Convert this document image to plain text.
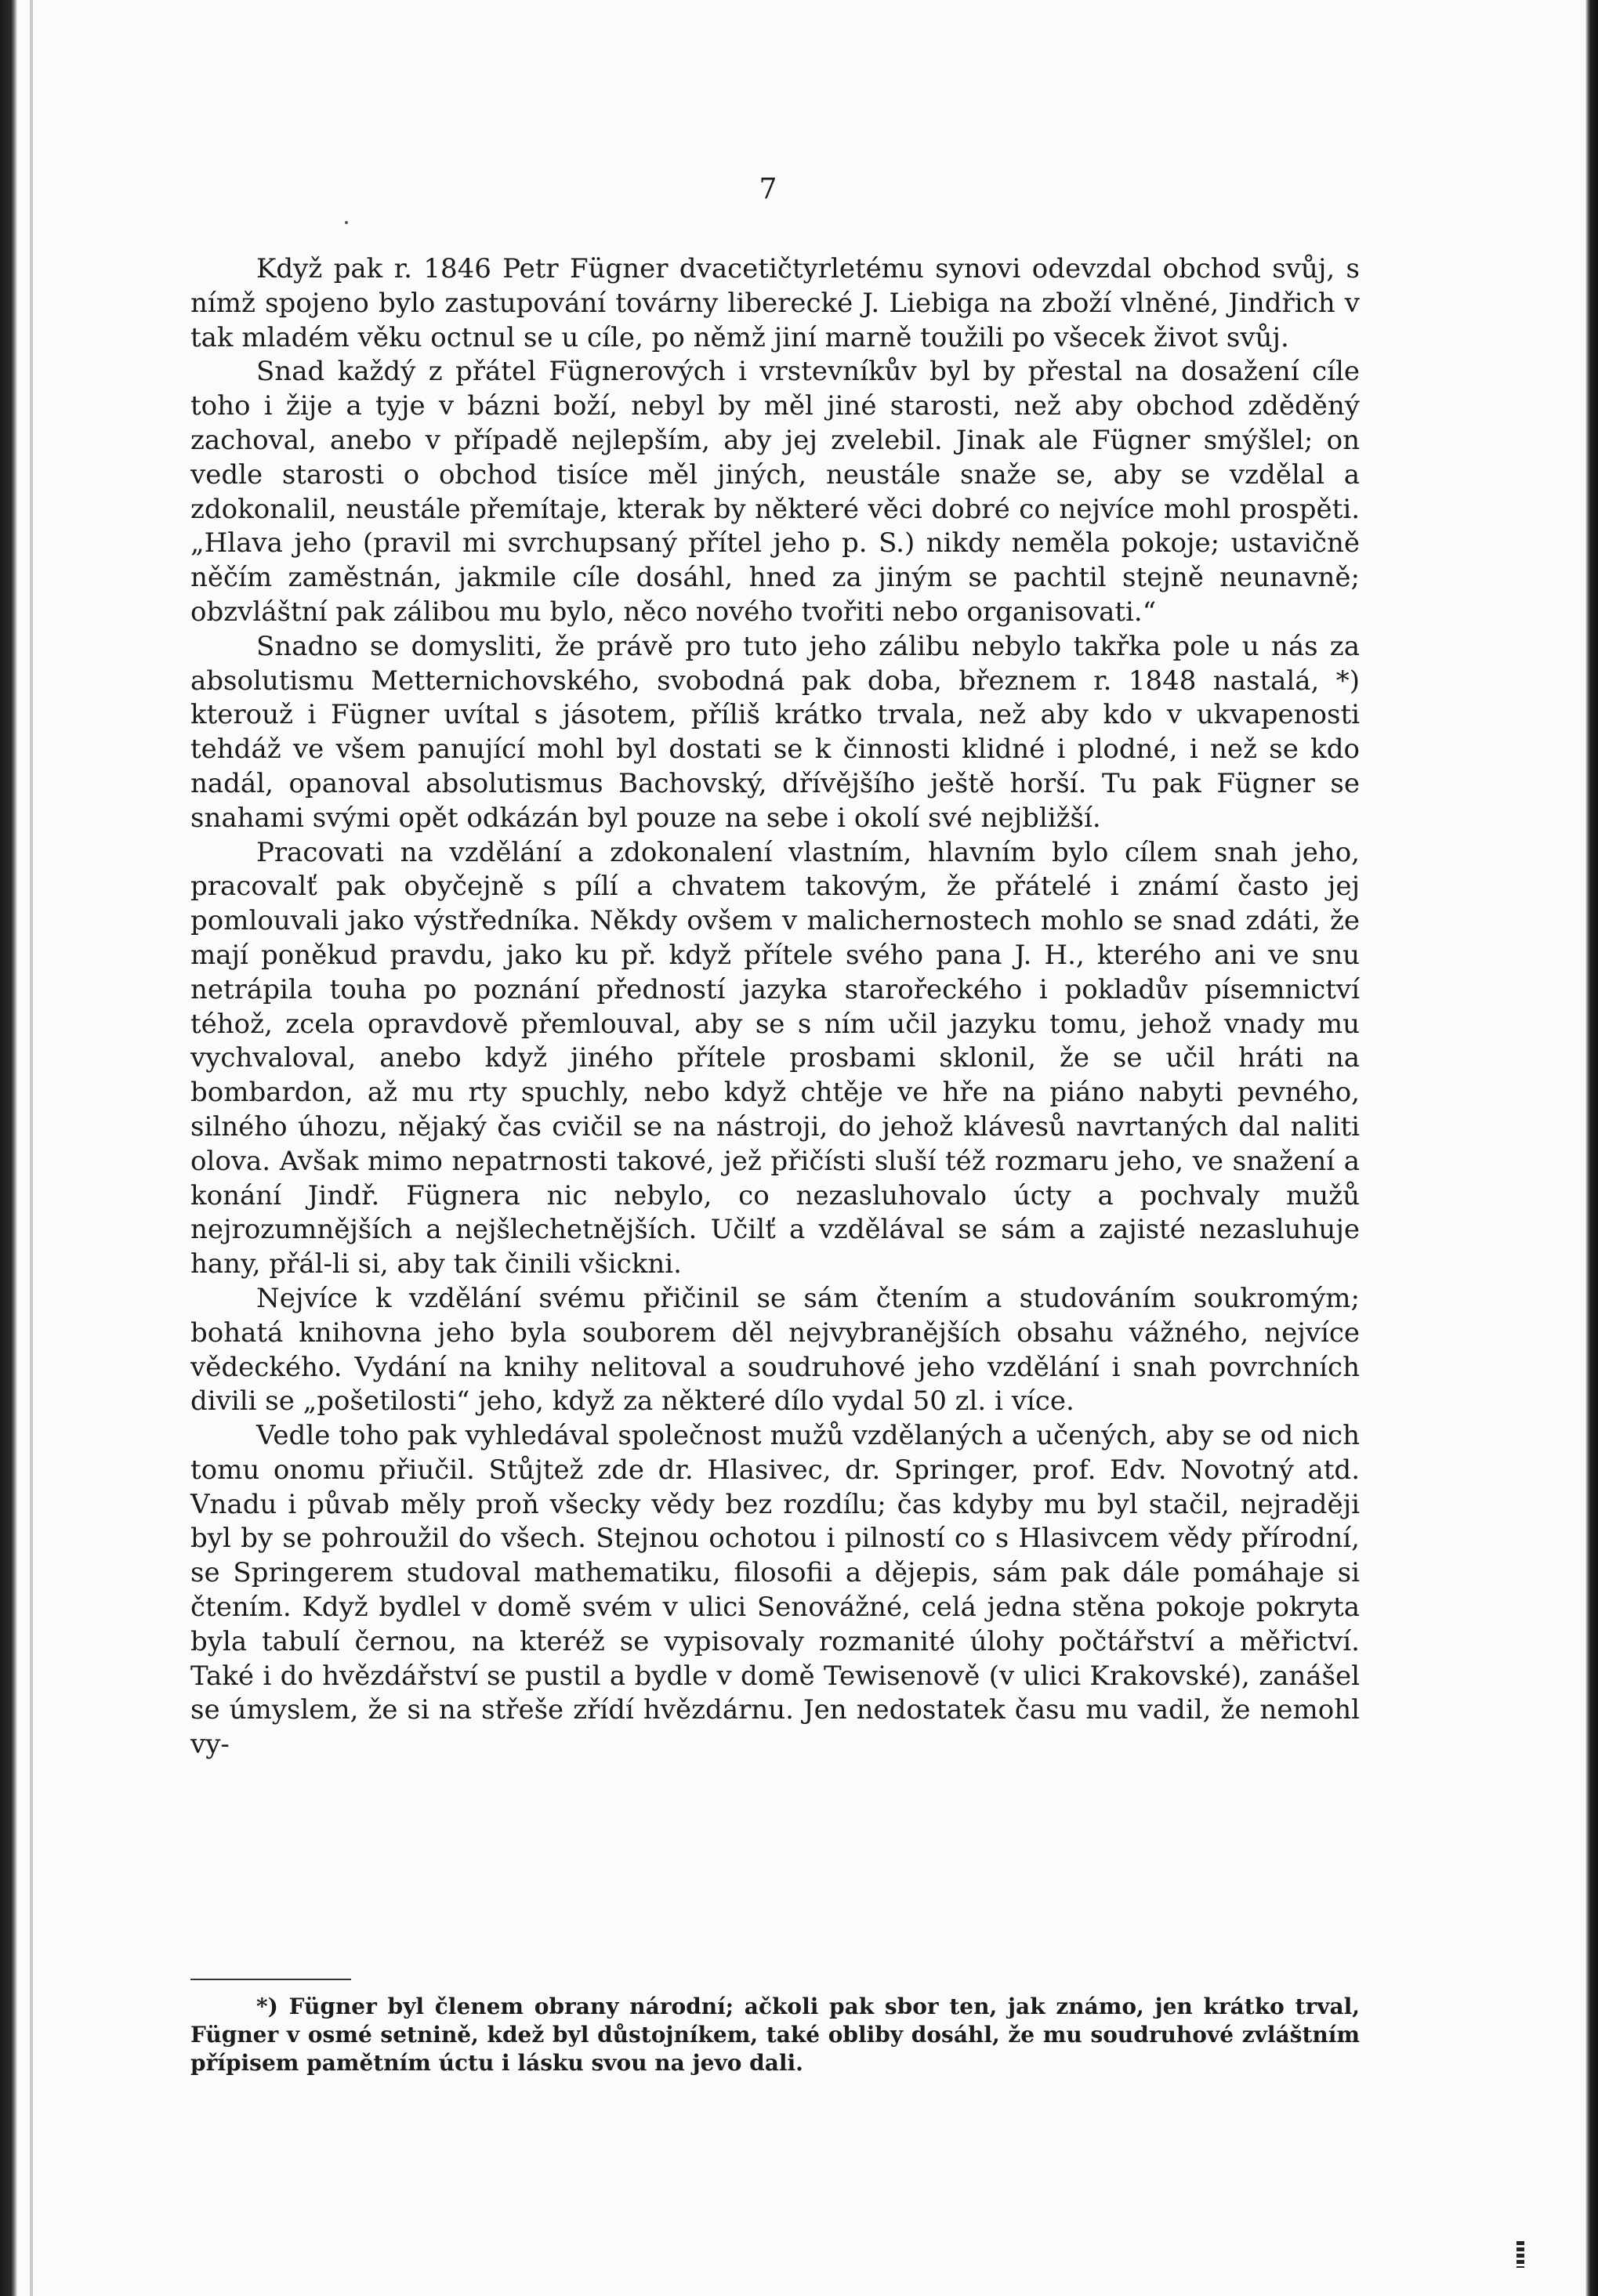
7

Když pak r. 1846 Petr Fügner dvacetičtyrletému synovi odevzdal obchod svůj, s nímž spojeno bylo zastupování továrny liberecké J. Liebiga na zboží vlněné, Jindřich v tak mladém věku octnul se u cíle, po němž jiní marně toužili po všecek život svůj.

Snad každý z přátel Fügnerových i vrstevníkův byl by přestal na dosažení cíle toho i žije a tyje v bázni boží, nebyl by měl jiné starosti, než aby obchod zděděný zachoval, anebo v případě nejlepším, aby jej zvelebil. Jinak ale Fügner smýšlel; on vedle starosti o obchod tisíce měl jiných, neustále snaže se, aby se vzdělal a zdokonalil, neustále přemítaje, kterak by některé věci dobré co nejvíce mohl prospěti. „Hlava jeho (pravil mi svrchupsaný přítel jeho p. S.) nikdy neměla pokoje; ustavičně něčím zaměstnán, jakmile cíle dosáhl, hned za jiným se pachtil stejně neunavně; obzvláštní pak zálibou mu bylo, něco nového tvořiti nebo organisovati.“

Snadno se domysliti, že právě pro tuto jeho zálibu nebylo takřka pole u nás za absolutismu Metternichovského, svobodná pak doba, březnem r. 1848 nastalá, *) kterouž i Fügner uvítal s jásotem, příliš krátko trvala, než aby kdo v ukvapenosti tehdáž ve všem panující mohl byl dostati se k činnosti klidné i plodné, i než se kdo nadál, opanoval absolutismus Bachovský, dřívějšího ještě horší. Tu pak Fügner se snahami svými opět odkázán byl pouze na sebe i okolí své nejbližší.

Pracovati na vzdělání a zdokonalení vlastním, hlavním bylo cílem snah jeho, pracovalť pak obyčejně s pílí a chvatem takovým, že přátelé i známí často jej pomlouvali jako výstředníka. Někdy ovšem v malichernostech mohlo se snad zdáti, že mají poněkud pravdu, jako ku př. když přítele svého pana J. H., kterého ani ve snu netrápila touha po poznání předností jazyka starořeckého i pokladův písemnictví téhož, zcela opravdově přemlouval, aby se s ním učil jazyku tomu, jehož vnady mu vychvaloval, anebo když jiného přítele prosbami sklonil, že se učil hráti na bombardon, až mu rty spuchly, nebo když chtěje ve hře na piáno nabyti pevného, silného úhozu, nějaký čas cvičil se na nástroji, do jehož klávesů navrtaných dal naliti olova. Avšak mimo nepatrnosti takové, jež přičísti sluší též rozmaru jeho, ve snažení a konání Jindř. Fügnera nic nebylo, co nezasluhovalo úcty a pochvaly mužů nejrozumnějších a nejšlechetnějších. Učilť a vzdělával se sám a zajisté nezasluhuje hany, přál-li si, aby tak činili všickni.

Nejvíce k vzdělání svému přičinil se sám čtením a studováním soukromým; bohatá knihovna jeho byla souborem děl nejvybranějších obsahu vážného, nejvíce vědeckého. Vydání na knihy nelitoval a soudruhové jeho vzdělání i snah povrchních divili se „pošetilosti“ jeho, když za některé dílo vydal 50 zl. i více.

Vedle toho pak vyhledával společnost mužů vzdělaných a učených, aby se od nich tomu onomu přiučil. Stůjtež zde dr. Hlasivec, dr. Springer, prof. Edv. Novotný atd. Vnadu i půvab měly proň všecky vědy bez rozdílu; čas kdyby mu byl stačil, nejraději byl by se pohroužil do všech. Stejnou ochotou i pilností co s Hlasivcem vědy přírodní, se Springerem studoval mathematiku, filosofii a dějepis, sám pak dále pomáhaje si čtením. Když bydlel v domě svém v ulici Senovážné, celá jedna stěna pokoje pokryta byla tabulí černou, na kteréž se vypisovaly rozmanité úlohy počtářství a měřictví. Také i do hvězdářství se pustil a bydle v domě Tewisenově (v ulici Krakovské), zanášel se úmyslem, že si na střeše zřídí hvězdárnu. Jen nedostatek času mu vadil, že nemohl vy-

*) Fügner byl členem obrany národní; ačkoli pak sbor ten, jak známo, jen krátko trval, Fügner v osmé setnině, kdež byl důstojníkem, také obliby dosáhl, že mu soudruhové zvláštním přípisem pamětním úctu i lásku svou na jevo dali.
